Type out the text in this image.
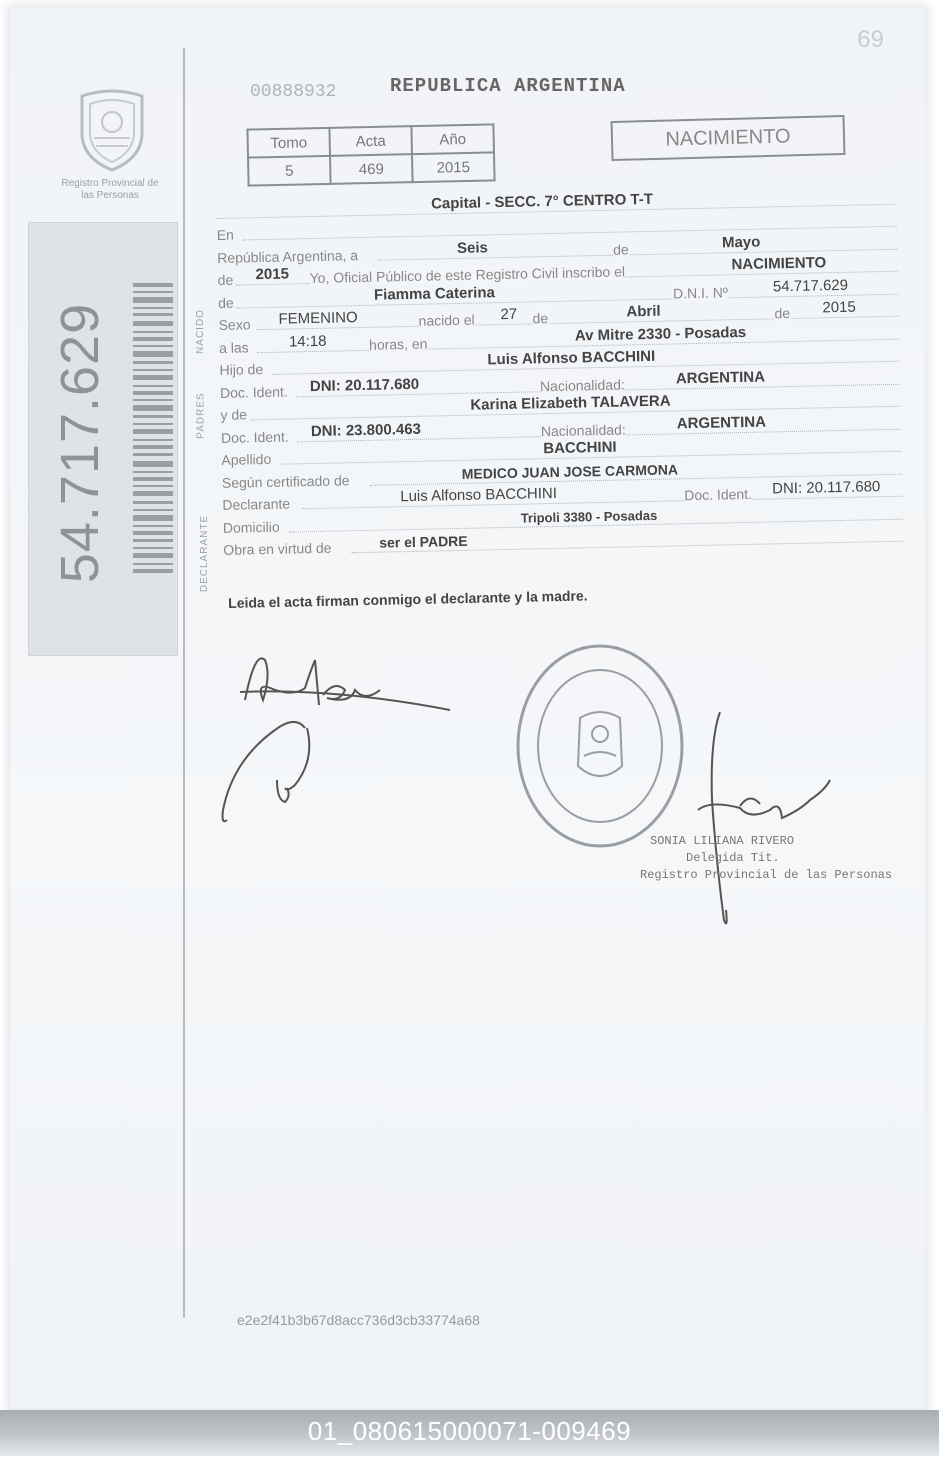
69
Registro Provincial de las Personas
54.717.629
00888932	REPUBLICA ARGENTINA
Tomo	Acta	Año
5	469	2015
NACIMIENTO
NACIDO
PADRES
DECLARANTE
Capital - SECC. 7° CENTRO T-T
En
República Argentina, a	Seis	de	Mayo
de 2015 Yo, Oficial Público de este Registro Civil inscribo el	NACIMIENTO
de	Fiamma Caterina	D.N.I. Nº	54.717.629
Sexo FEMENINO	nacido el 27 de	Abril	de 2015
a las	14:18	horas, en	Av Mitre 2330 - Posadas
Hijo de
Luis Alfonso BACCHINI
Doc. Ident. DNI: 20.117.680	Nacionalidad:	ARGENTINA
y de
Karina Elizabeth TALAVERA
Doc. Ident. DNI: 23.800.463	Nacionalidad:	ARGENTINA
Apellido
BACCHINI
Según certificado de	MEDICO JUAN JOSE CARMONA
Declarante	Luis Alfonso BACCHINI	Doc. Ident. DNI: 20.117.680
Domicilio
Tripoli 3380 - Posadas
Obra en virtud de	ser el PADRE
Leida el acta firman conmigo el declarante y la madre.
SONIA LILIANA RIVERO
Delegida Tit.
Registro Provincial de las Personas
e2e2f41b3b67d8acc736d3cb33774a68
01_080615000071-009469
